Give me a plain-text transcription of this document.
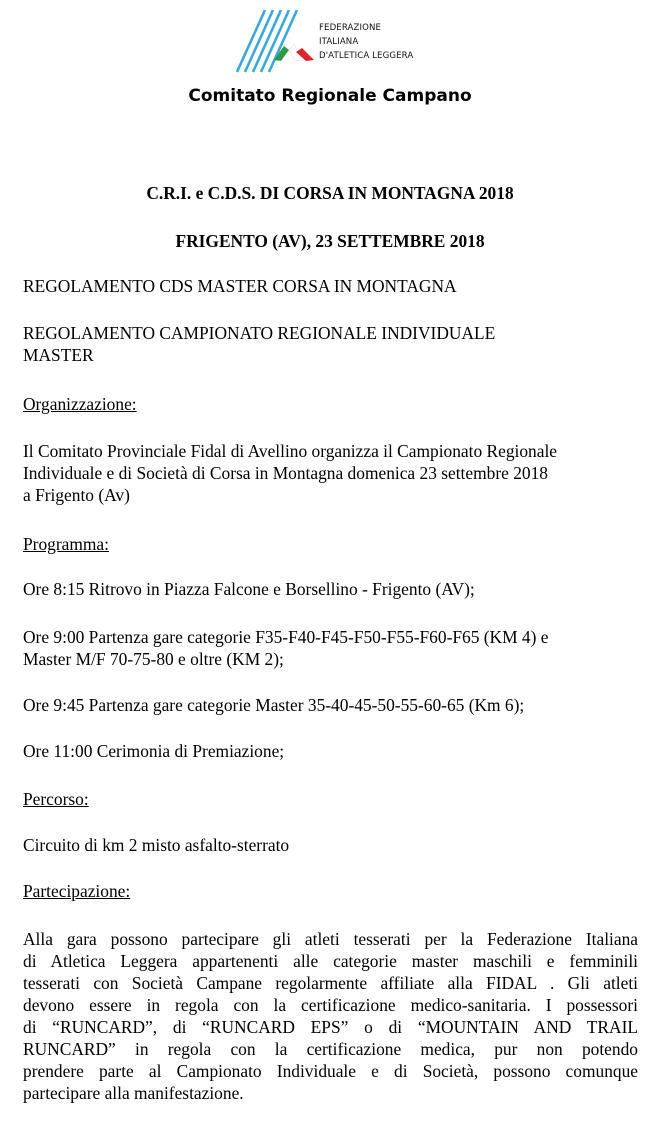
FEDERAZIONE ITALIANA
D'ATLETICA LEGGERA
Comitato Regionale Campano
C.R.I. e C.D.S. DI CORSA IN MONTAGNA 2018
FRIGENTO (AV), 23 SETTEMBRE 2018
REGOLAMENTO CDS MASTER CORSA IN MONTAGNA
REGOLAMENTO CAMPIONATO REGIONALE INDIVIDUALE
MASTER
Organizzazione:
Il Comitato Provinciale Fidal di Avellino organizza il Campionato Regionale
Individuale e di Società di Corsa in Montagna domenica 23 settembre 2018
a Frigento (Av)
Programma:
Ore 8:15 Ritrovo in Piazza Falcone e Borsellino - Frigento (AV);
Ore 9:00 Partenza gare categorie F35-F40-F45-F50-F55-F60-F65 (KM 4) e
Master M/F 70-75-80 e oltre (KM 2);
Ore 9:45 Partenza gare categorie Master 35-40-45-50-55-60-65 (Km 6);
Ore 11:00 Cerimonia di Premiazione;
Percorso:
Circuito di km 2 misto asfalto-sterrato
Partecipazione:
Alla gara possono partecipare gli atleti tesserati per la Federazione Italiana
di Atletica Leggera appartenenti alle categorie master maschili e femminili
tesserati con Società Campane regolarmente affiliate alla FIDAL . Gli atleti
devono essere in regola con la certificazione medico-sanitaria. I possessori
di “RUNCARD”, di “RUNCARD EPS” o di “MOUNTAIN AND TRAIL
RUNCARD” in regola con la certificazione medica, pur non potendo
prendere parte al Campionato Individuale e di Società, possono comunque
partecipare alla manifestazione.
